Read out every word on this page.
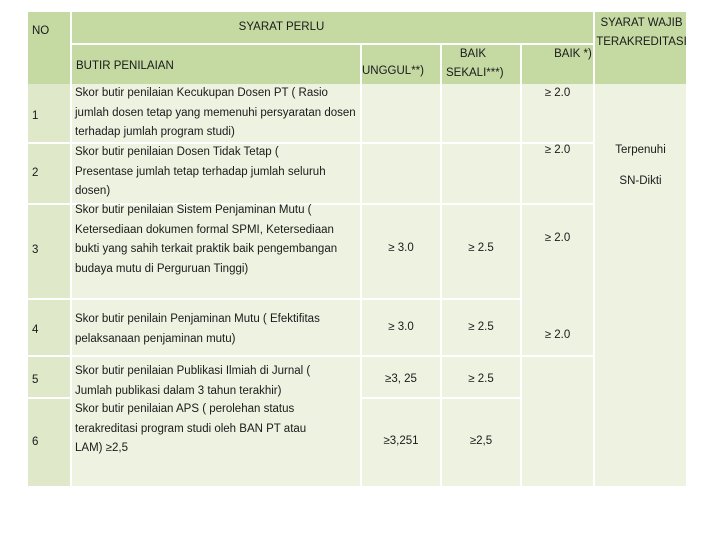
NO	SYARAT PERLU
BUTIR PENILAIAN	UNGGUL**)
BAIK
SEKALI***)
BAIK *)
SYARAT WAJIB
TERAKREDITASI
1
2
3
4
5
6
Skor butir penilaian Kecukupan Dosen PT ( Rasio jumlah dosen tetap yang memenuhi persyaratan dosen terhadap jumlah program studi)
Skor butir penilaian Dosen Tidak Tetap ( Presentase jumlah tetap terhadap jumlah seluruh dosen)
Skor butir penilaian Sistem Penjaminan Mutu ( Ketersediaan dokumen formal SPMI, Ketersediaan bukti yang sahih terkait praktik baik pengembangan budaya mutu di Perguruan Tinggi)
Skor butir penilain Penjaminan Mutu ( Efektifitas pelaksanaan penjaminan mutu)
Skor butir penilaian Publikasi Ilmiah di Jurnal ( Jumlah publikasi dalam 3 tahun terakhir)
Skor butir penilaian APS ( perolehan status terakreditasi program studi oleh BAN PT atau LAM) ≥2,5
≥ 3.0
≥ 3.0
≥3, 25
≥3,251
≥ 2.5
≥ 2.5
≥ 2.5
≥2,5
≥ 2.0
≥ 2.0
≥ 2.0
≥ 2.0
Terpenuhi
SN-Dikti
